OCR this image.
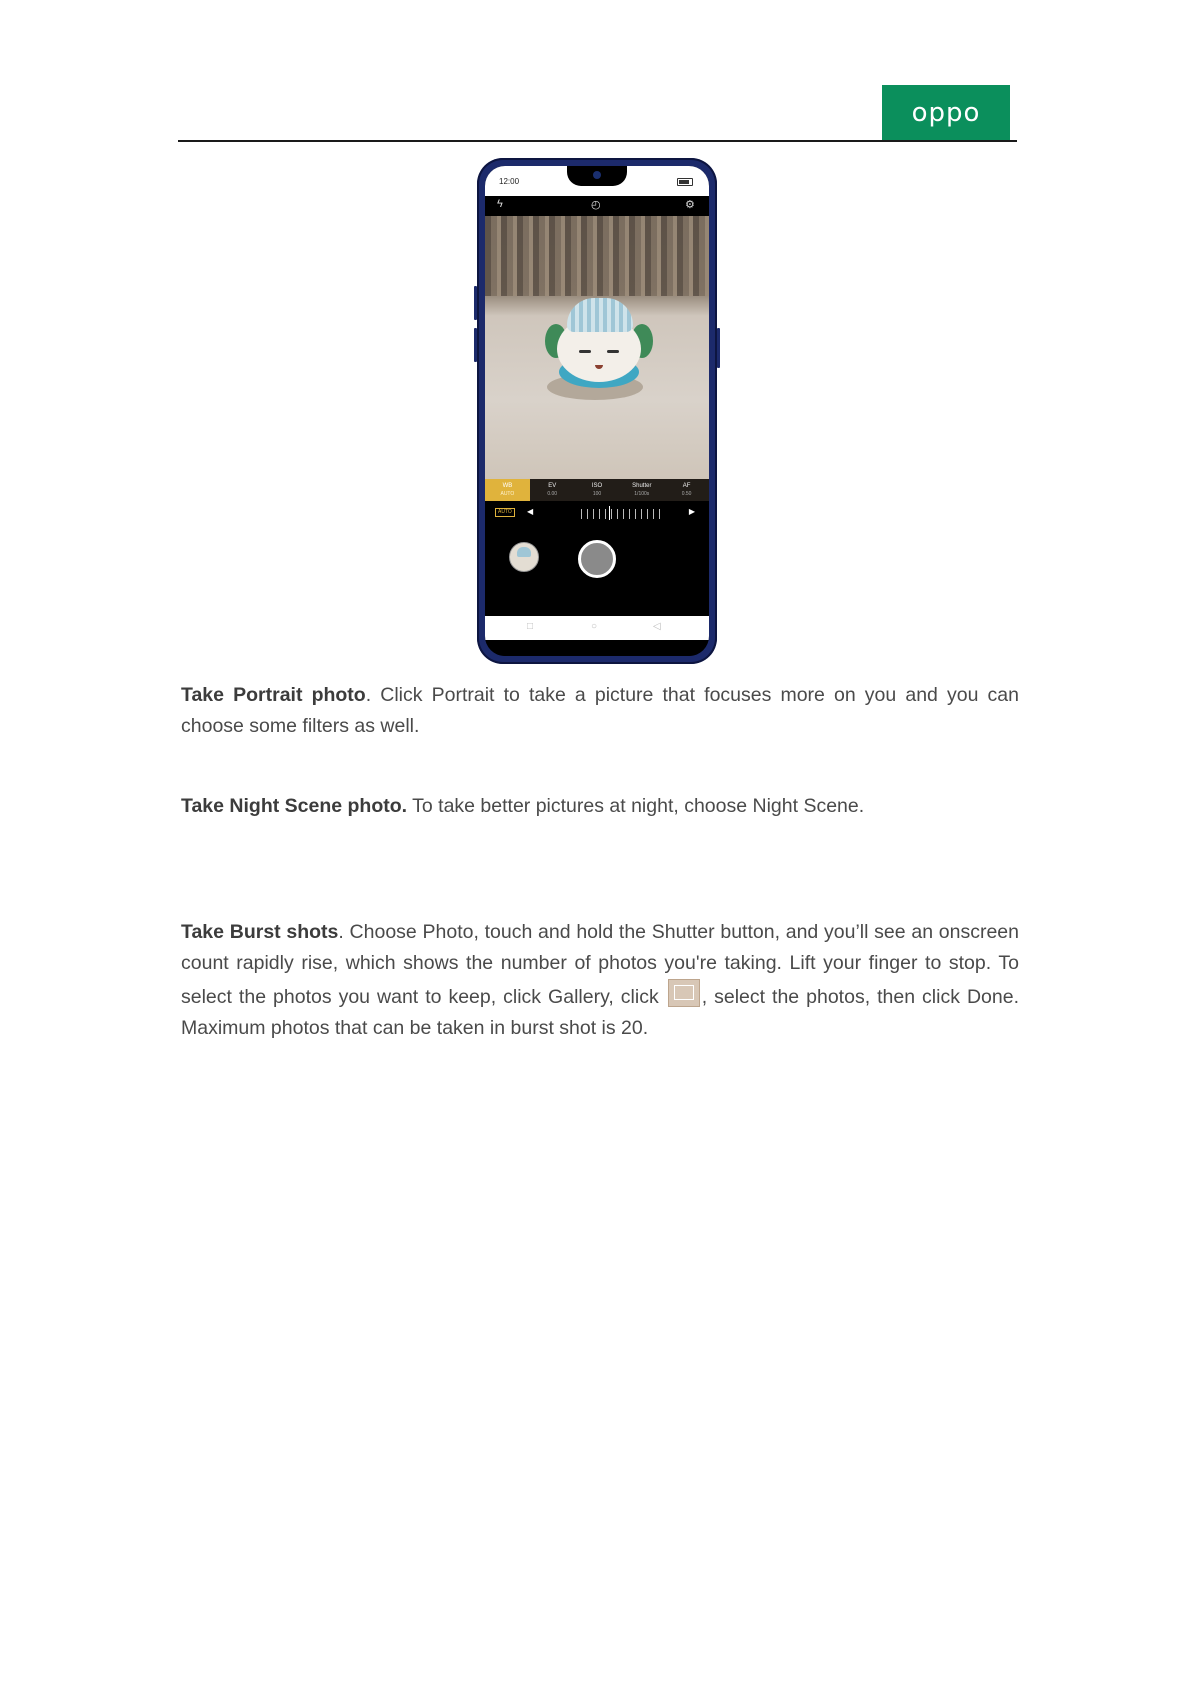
oppo
12:00
ϟ	◴	⚙
WB
AUTO
EV
0.00
ISO
100
Shutter
1/100s
AF
0.50
AUTO	◀	▶
□	○	◁
Take Portrait photo. Click Portrait to take a picture that focuses more on you and you can choose some filters as well.
Take Night Scene photo. To take better pictures at night, choose Night Scene.
Take Burst shots. Choose Photo, touch and hold the Shutter button, and you’ll see an onscreen count rapidly rise, which shows the number of photos you're taking. Lift your finger to stop. To select the photos you want to keep, click Gallery, click , select the photos, then click Done. Maximum photos that can be taken in burst shot is 20.
